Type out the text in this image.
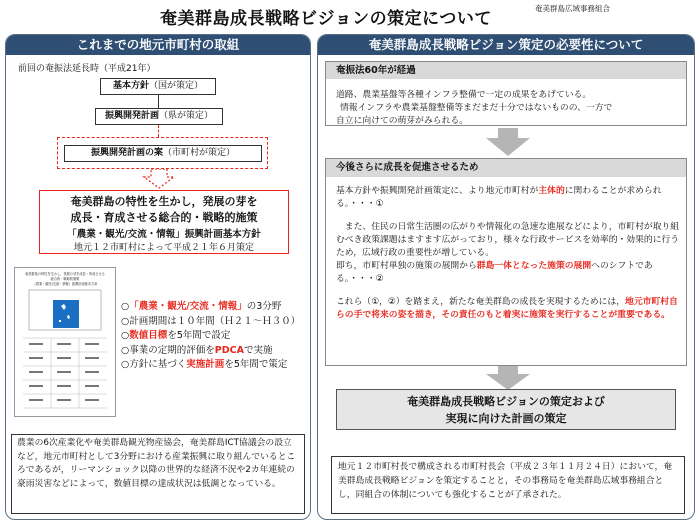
奄美群島成長戦略ビジョンの策定について
奄美群島広域事務組合
これまでの地元市町村の取組
前回の奄振法延長時（平成21年）
基本方針（国が策定）
振興開発計画（県が策定）
振興開発計画の案（市町村が策定）
奄美群島の特性を生かし，発展の芽を
成長・育成させる総合的・戦略的施策
「農業・観光/交流・情報」振興計画基本方針
地元１２市町村によって平成２１年６月策定
奄美群島の特性を生かし，発展の芽を成長・育成させる
総合的・戦略的施策
（農業・観光/交流・情報）振興計画基本方針
○「農業・観光/交流・情報」の3分野
○計画期間は１０年間（Ｈ２１～Ｈ３０）
○数値目標を5年間で設定
○事業の定期的評価をPDCAで実施
○方針に基づく実施計画を5年間で策定
農業の6次産業化や奄美群島観光物産協会，奄美群島ICT協議会の設立など，地元市町村として3分野における産業振興に取り組んでいるところであるが，リーマンショック以降の世界的な経済不況や2カ年連続の豪雨災害などによって，数値目標の達成状況は低調となっている。
奄美群島成長戦略ビジョン策定の必要性について
奄振法60年が経過
道路、農業基盤等各種インフラ整備で一定の成果をあげている。
情報インフラや農業基盤整備等まだまだ十分ではないものの、一方で
自立に向けての萌芽がみられる。
今後さらに成長を促進させるため
基本方針や振興開発計画策定に、より地元市町村が主体的に関わることが求められる。・・・①
また、住民の日常生活圏の広がりや情報化の急速な進展などにより，市町村が取り組むべき政策課題はますます広がっており，様々な行政サービスを効率的・効果的に行うため，広域行政の重要性が増している。
即ち，市町村単独の施策の展開から群島一体となった施策の展開へのシフトである。・・・②
これら（①，②）を踏まえ，新たな奄美群島の成長を実現するためには，地元市町村自らの手で将来の姿を描き，その責任のもと着実に施策を実行することが重要である。
奄美群島成長戦略ビジョンの策定および
実現に向けた計画の策定
地元１２市町村長で構成される市町村長会（平成２３年１１月２４日）において，奄美群島成長戦略ビジョンを策定することと，その事務局を奄美群島広域事務組合とし，同組合の体制についても強化することが了承された。
